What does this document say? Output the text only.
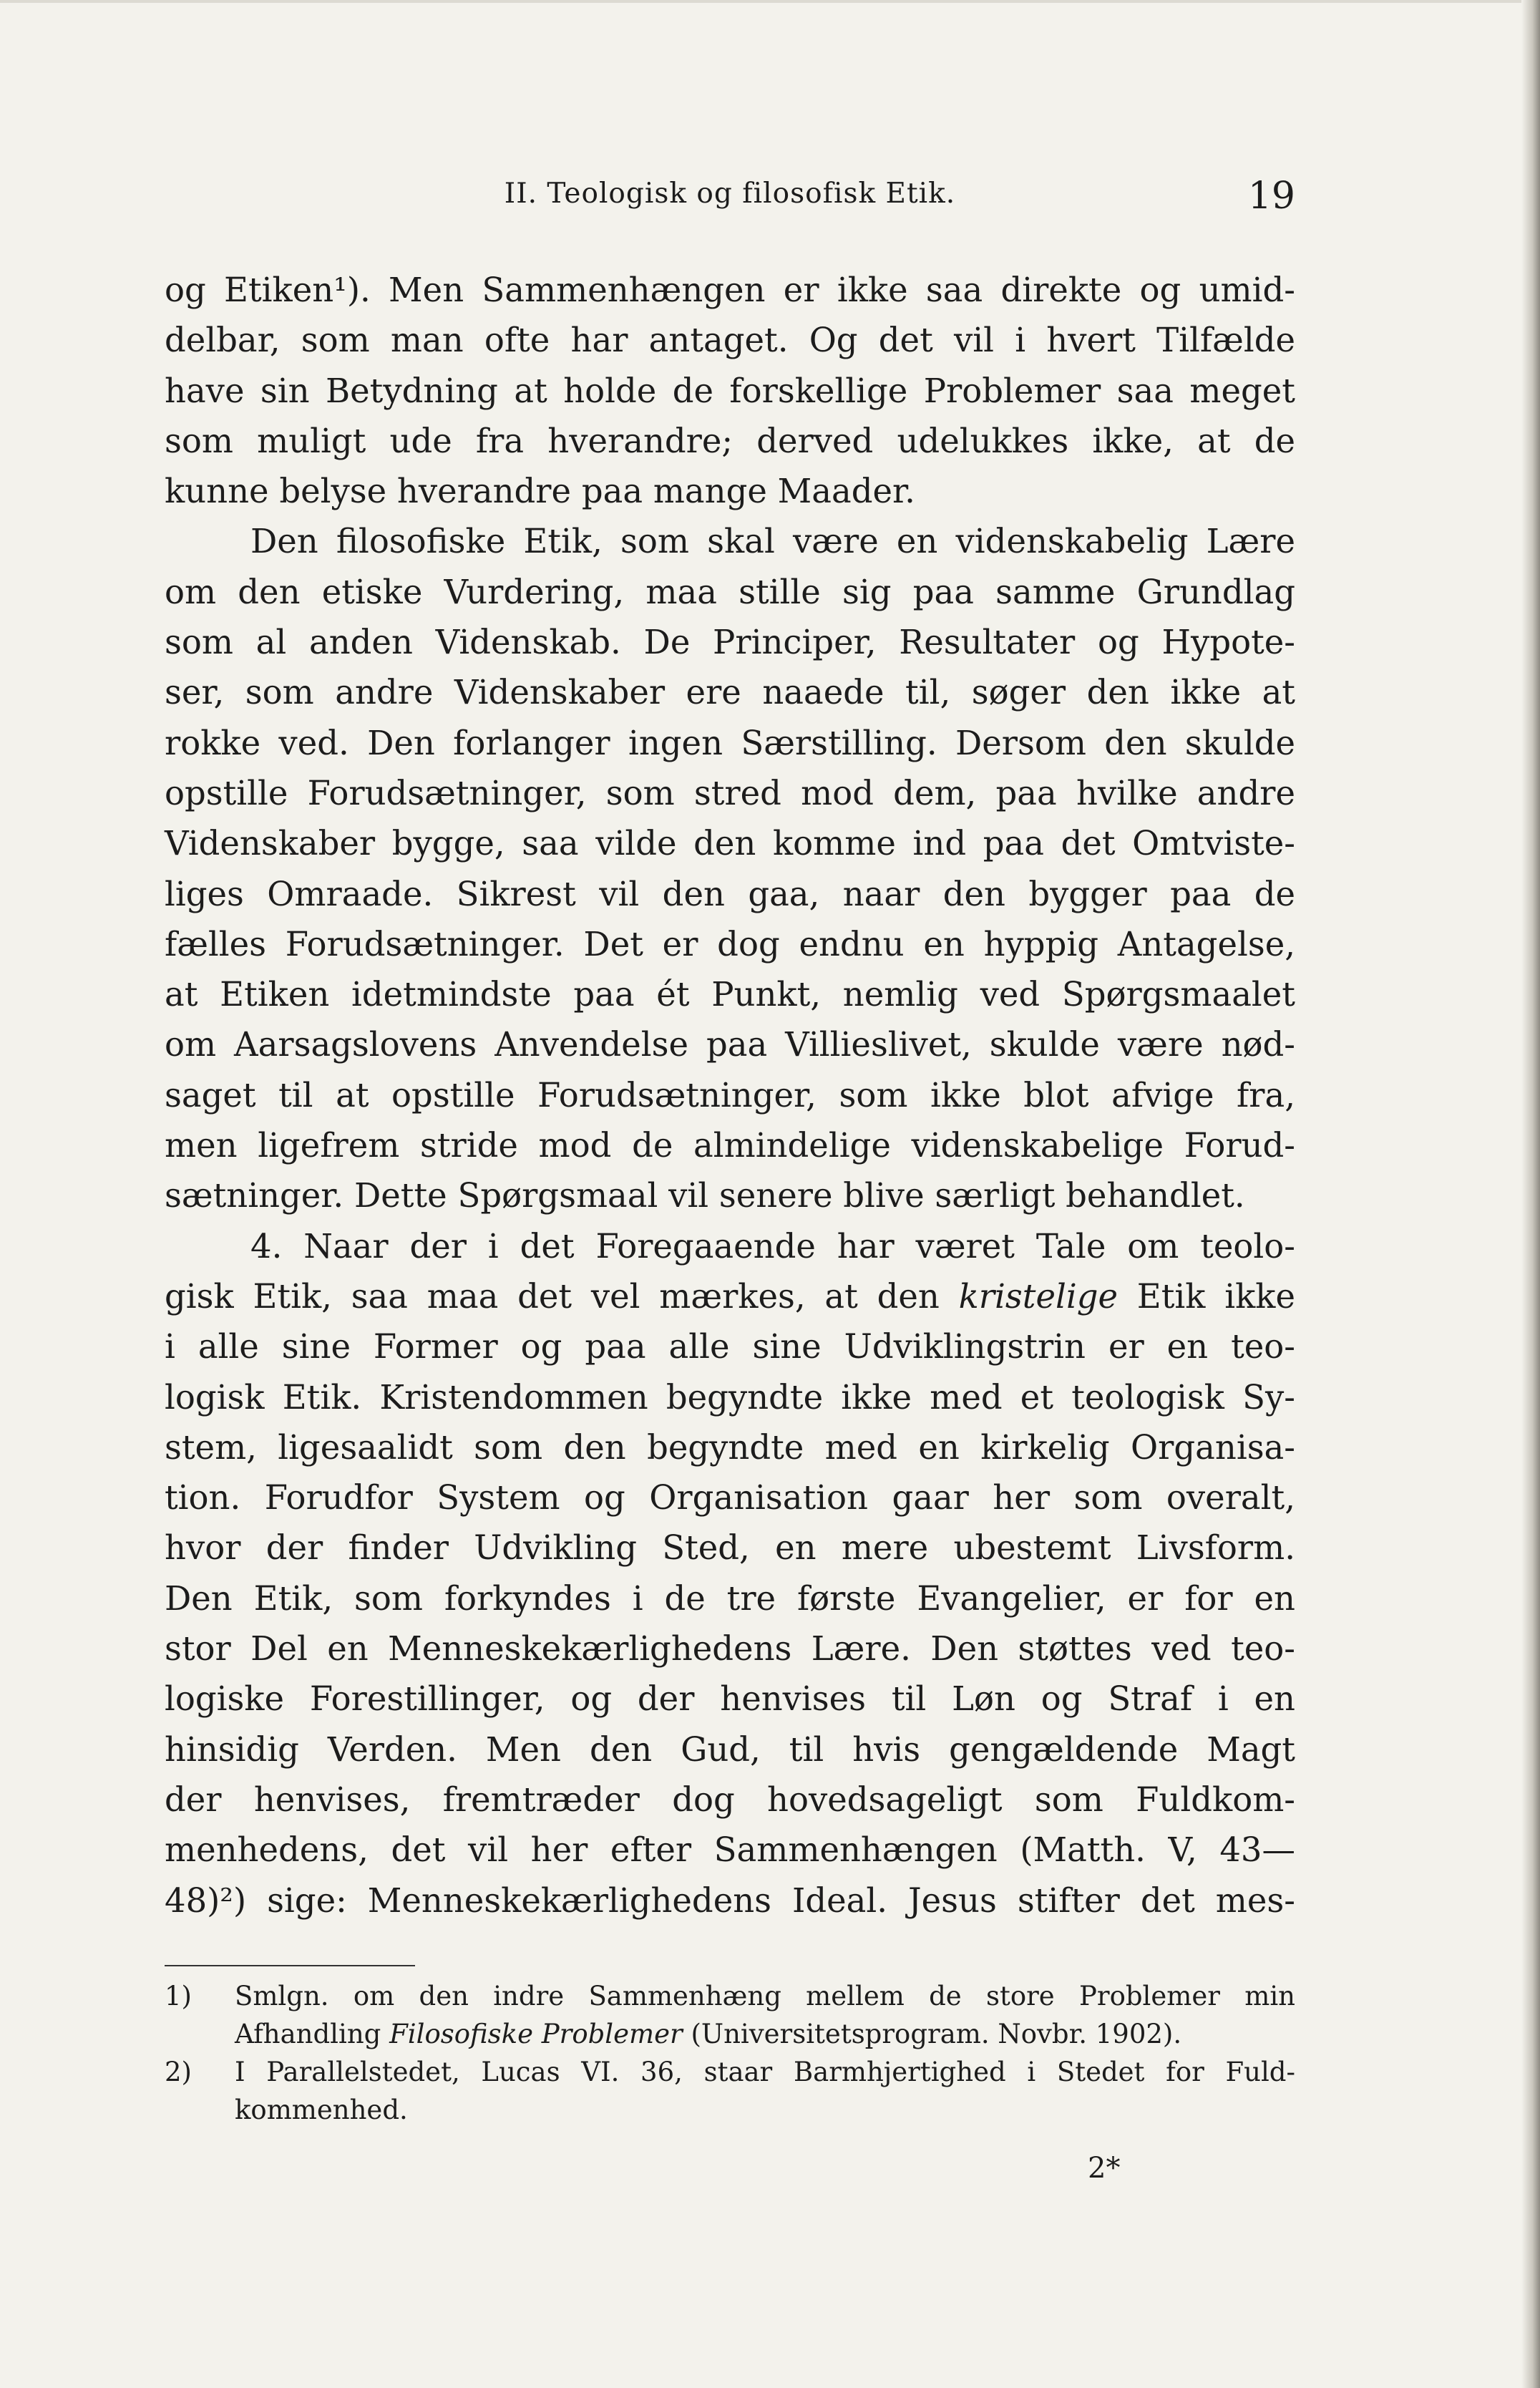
II. Teologisk og filosofisk Etik.	19
og Etiken¹). Men Sammenhængen er ikke saa direkte og umid-
delbar, som man ofte har antaget. Og det vil i hvert Tilfælde
have sin Betydning at holde de forskellige Problemer saa meget
som muligt ude fra hverandre; derved udelukkes ikke, at de
kunne belyse hverandre paa mange Maader.
Den filosofiske Etik, som skal være en videnskabelig Lære
om den etiske Vurdering, maa stille sig paa samme Grundlag
som al anden Videnskab. De Principer, Resultater og Hypote-
ser, som andre Videnskaber ere naaede til, søger den ikke at
rokke ved. Den forlanger ingen Særstilling. Dersom den skulde
opstille Forudsætninger, som stred mod dem, paa hvilke andre
Videnskaber bygge, saa vilde den komme ind paa det Omtviste-
liges Omraade. Sikrest vil den gaa, naar den bygger paa de
fælles Forudsætninger. Det er dog endnu en hyppig Antagelse,
at Etiken idetmindste paa ét Punkt, nemlig ved Spørgsmaalet
om Aarsagslovens Anvendelse paa Villieslivet, skulde være nød-
saget til at opstille Forudsætninger, som ikke blot afvige fra,
men ligefrem stride mod de almindelige videnskabelige Forud-
sætninger. Dette Spørgsmaal vil senere blive særligt behandlet.
4. Naar der i det Foregaaende har været Tale om teolo-
gisk Etik, saa maa det vel mærkes, at den kristelige Etik ikke
i alle sine Former og paa alle sine Udviklingstrin er en teo-
logisk Etik. Kristendommen begyndte ikke med et teologisk Sy-
stem, ligesaalidt som den begyndte med en kirkelig Organisa-
tion. Forudfor System og Organisation gaar her som overalt,
hvor der finder Udvikling Sted, en mere ubestemt Livsform.
Den Etik, som forkyndes i de tre første Evangelier, er for en
stor Del en Menneskekærlighedens Lære. Den støttes ved teo-
logiske Forestillinger, og der henvises til Løn og Straf i en
hinsidig Verden. Men den Gud, til hvis gengældende Magt
der henvises, fremtræder dog hovedsageligt som Fuldkom-
menhedens, det vil her efter Sammenhængen (Matth. V, 43—
48)²) sige: Menneskekærlighedens Ideal. Jesus stifter det mes-
1) Smlgn. om den indre Sammenhæng mellem de store Problemer min
Afhandling Filosofiske Problemer (Universitetsprogram. Novbr. 1902).
2) I Parallelstedet, Lucas VI. 36, staar Barmhjertighed i Stedet for Fuld-
kommenhed.
2*
